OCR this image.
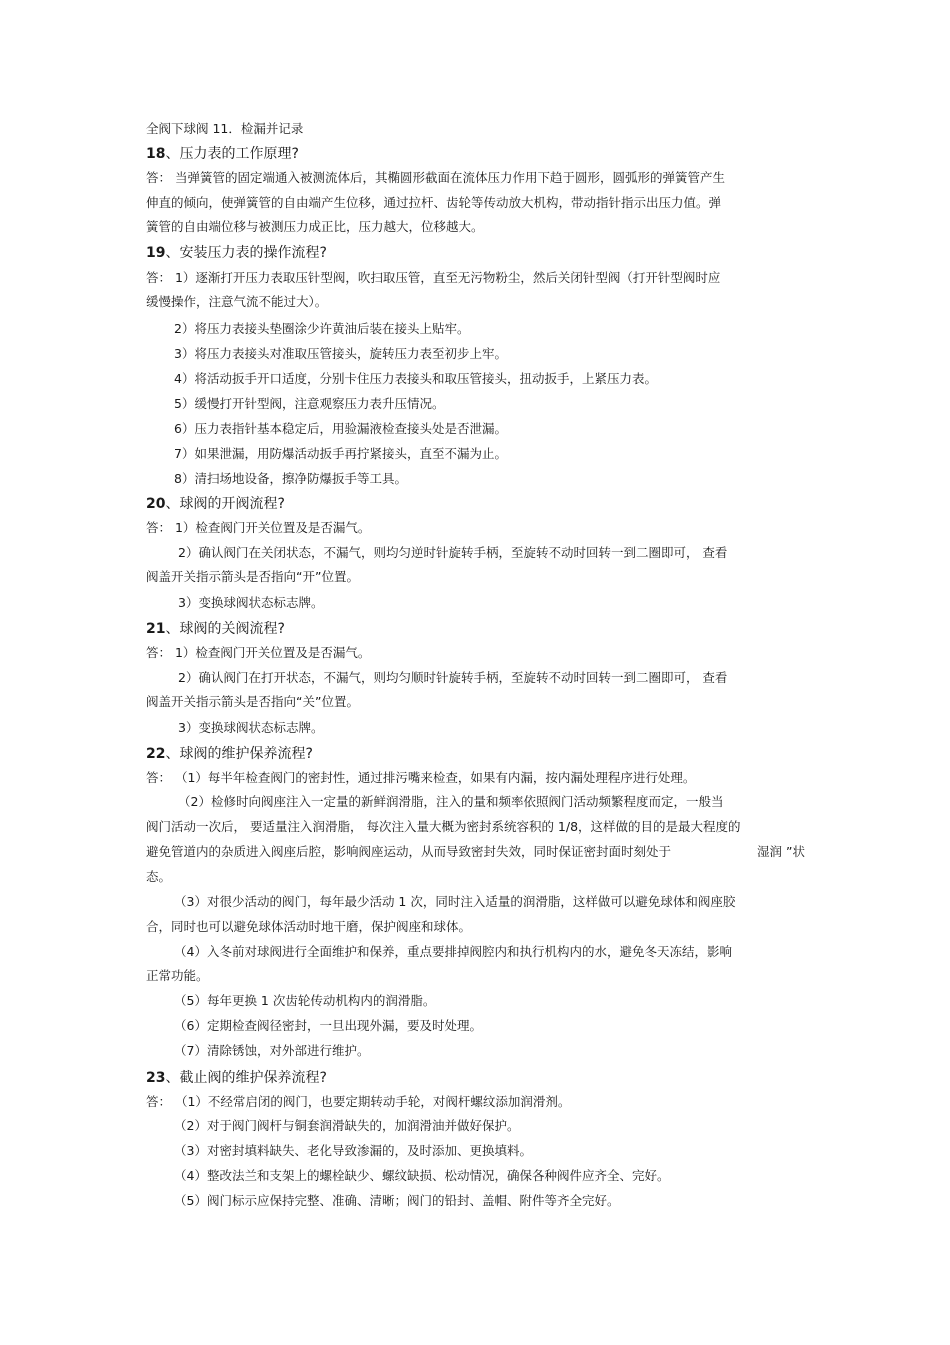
全阀下球阀 11．检漏并记录
18、压力表的工作原理?
答： 当弹簧管的固定端通入被测流体后，其椭圆形截面在流体压力作用下趋于圆形，圆弧形的弹簧管产生
伸直的倾向，使弹簧管的自由端产生位移，通过拉杆、齿轮等传动放大机构，带动指针指示出压力值。弹
簧管的自由端位移与被测压力成正比，压力越大，位移越大。
19、安装压力表的操作流程?
答： 1）逐渐打开压力表取压针型阀，吹扫取压管，直至无污物粉尘，然后关闭针型阀（打开针型阀时应
缓慢操作，注意气流不能过大）。
2）将压力表接头垫圈涂少许黄油后装在接头上贴牢。
3）将压力表接头对准取压管接头，旋转压力表至初步上牢。
4）将活动扳手开口适度，分别卡住压力表接头和取压管接头，扭动扳手，上紧压力表。
5）缓慢打开针型阀，注意观察压力表升压情况。
6）压力表指针基本稳定后，用验漏液检查接头处是否泄漏。
7）如果泄漏，用防爆活动扳手再拧紧接头，直至不漏为止。
8）清扫场地设备，擦净防爆扳手等工具。
20、球阀的开阀流程?
答： 1）检查阀门开关位置及是否漏气。
2）确认阀门在关闭状态，不漏气，则均匀逆时针旋转手柄，至旋转不动时回转一到二圈即可， 查看
阀盖开关指示箭头是否指向“开”位置。
3）变换球阀状态标志牌。
21、球阀的关阀流程?
答： 1）检查阀门开关位置及是否漏气。
2）确认阀门在打开状态，不漏气，则均匀顺时针旋转手柄，至旋转不动时回转一到二圈即可， 查看
阀盖开关指示箭头是否指向“关”位置。
3）变换球阀状态标志牌。
22、球阀的维护保养流程?
答： （1）每半年检查阀门的密封性，通过排污嘴来检查，如果有内漏，按内漏处理程序进行处理。
（2）检修时向阀座注入一定量的新鲜润滑脂，注入的量和频率依照阀门活动频繁程度而定，一般当
阀门活动一次后， 要适量注入润滑脂， 每次注入量大概为密封系统容积的 1/8，这样做的目的是最大程度的
避免管道内的杂质进入阀座后腔，影响阀座运动，从而导致密封失效，同时保证密封面时刻处于	湿润 ”状
态。
（3）对很少活动的阀门，每年最少活动 1 次，同时注入适量的润滑脂，这样做可以避免球体和阀座胶
合，同时也可以避免球体活动时地干磨，保护阀座和球体。
（4）入冬前对球阀进行全面维护和保养，重点要排掉阀腔内和执行机构内的水，避免冬天冻结，影响
正常功能。
（5）每年更换 1 次齿轮传动机构内的润滑脂。
（6）定期检查阀径密封，一旦出现外漏，要及时处理。
（7）清除锈蚀，对外部进行维护。
23、截止阀的维护保养流程?
答： （1）不经常启闭的阀门，也要定期转动手轮，对阀杆螺纹添加润滑剂。
（2）对于阀门阀杆与铜套润滑缺失的，加润滑油并做好保护。
（3）对密封填料缺失、老化导致渗漏的，及时添加、更换填料。
（4）整改法兰和支架上的螺栓缺少、螺纹缺损、松动情况，确保各种阀件应齐全、完好。
（5）阀门标示应保持完整、准确、清晰；阀门的铅封、盖帽、附件等齐全完好。
